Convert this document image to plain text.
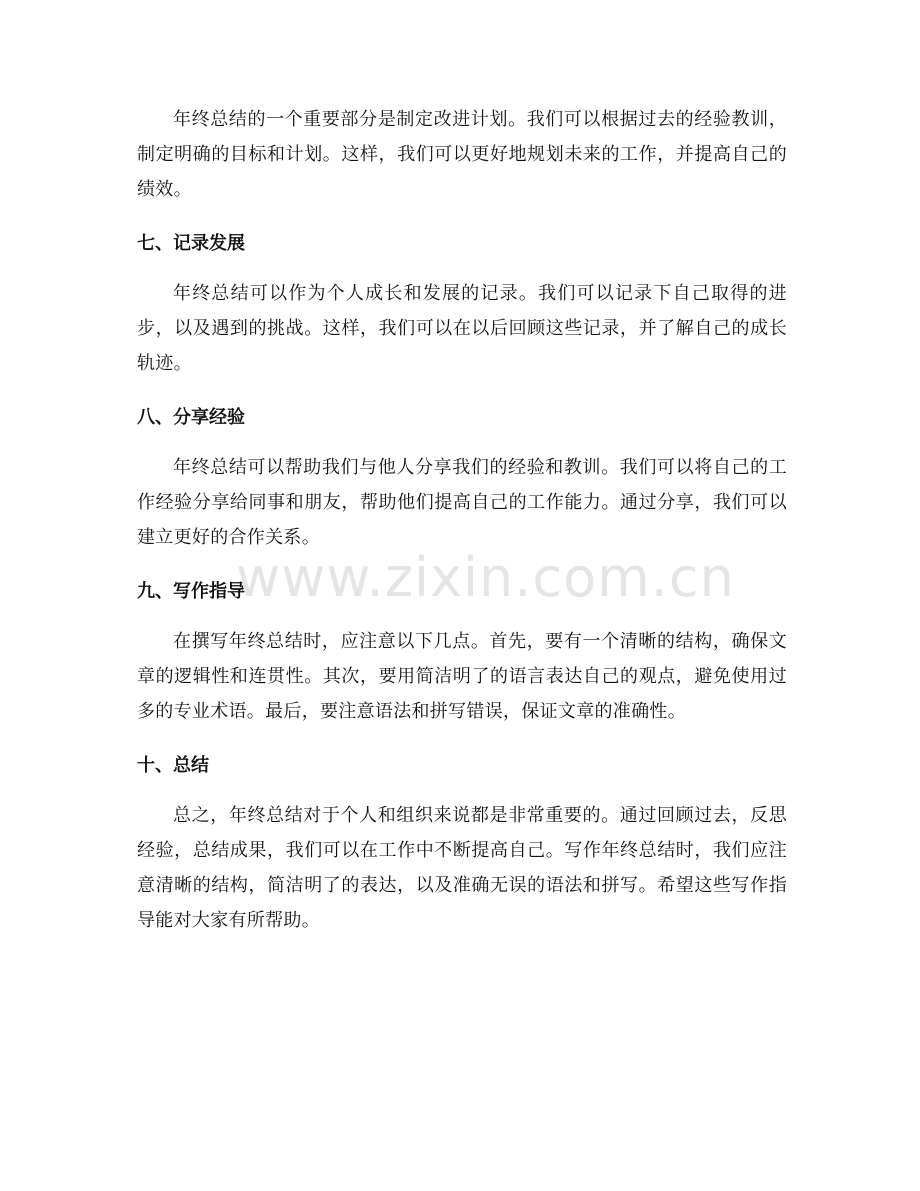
年终总结的一个重要部分是制定改进计划。我们可以根据过去的经验教训，制定明确的目标和计划。这样，我们可以更好地规划未来的工作，并提高自己的绩效。

七、记录发展

年终总结可以作为个人成长和发展的记录。我们可以记录下自己取得的进步，以及遇到的挑战。这样，我们可以在以后回顾这些记录，并了解自己的成长轨迹。

八、分享经验

年终总结可以帮助我们与他人分享我们的经验和教训。我们可以将自己的工作经验分享给同事和朋友，帮助他们提高自己的工作能力。通过分享，我们可以建立更好的合作关系。

九、写作指导

在撰写年终总结时，应注意以下几点。首先，要有一个清晰的结构，确保文章的逻辑性和连贯性。其次，要用简洁明了的语言表达自己的观点，避免使用过多的专业术语。最后，要注意语法和拼写错误，保证文章的准确性。

十、总结

总之，年终总结对于个人和组织来说都是非常重要的。通过回顾过去，反思经验，总结成果，我们可以在工作中不断提高自己。写作年终总结时，我们应注意清晰的结构，简洁明了的表达，以及准确无误的语法和拼写。希望这些写作指导能对大家有所帮助。

www.zixin.com.cn
